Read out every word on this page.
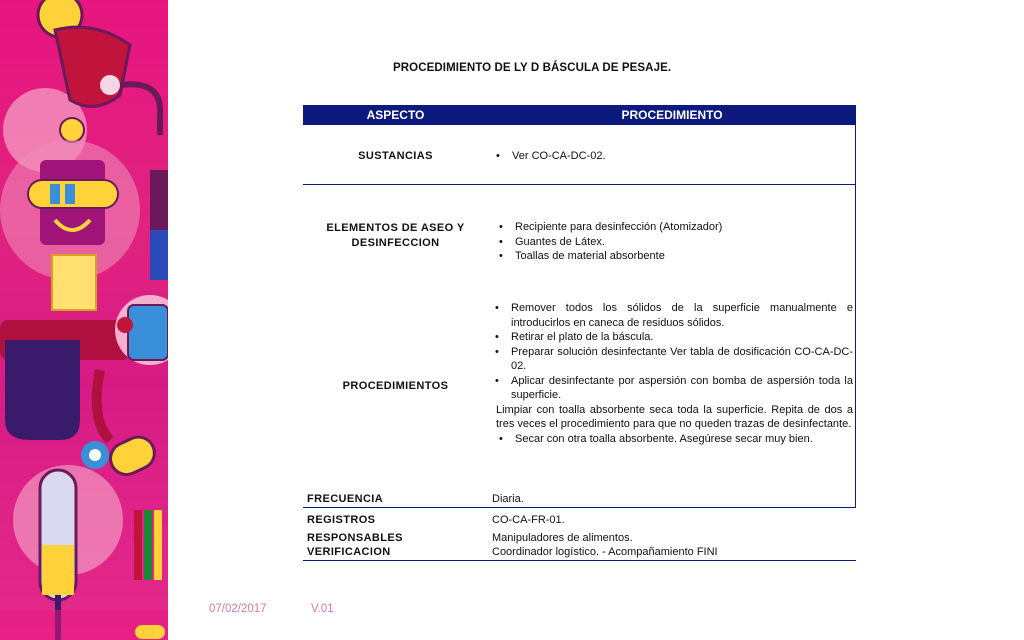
PROCEDIMIENTO DE LY D BÁSCULA DE PESAJE.
ASPECTO	PROCEDIMIENTO
SUSTANCIAS
•	Ver CO-CA-DC-02.
ELEMENTOS DE ASEO Y DESINFECCION
• Recipiente para desinfección (Atomizador)
• Guantes de Látex.
• Toallas de material absorbente
PROCEDIMIENTOS
• Remover todos los sólidos de la superficie manualmente e introducirlos en caneca de residuos sólidos.
• Retirar el plato de la báscula.
• Preparar solución desinfectante Ver tabla de dosificación CO-CA-DC-02.
• Aplicar desinfectante por aspersión con bomba de aspersión toda la superficie.
Limpiar con toalla absorbente seca toda la superficie. Repita de dos a tres veces el procedimiento para que no queden trazas de desinfectante.
• Secar con otra toalla absorbente. Asegúrese secar muy bien.
FRECUENCIA	Diaria.
REGISTROS	CO-CA-FR-01.
RESPONSABLES
VERIFICACION
Manipuladores de alimentos.
Coordinador logístico. - Acompañamiento FINI
07/02/2017	V.01
